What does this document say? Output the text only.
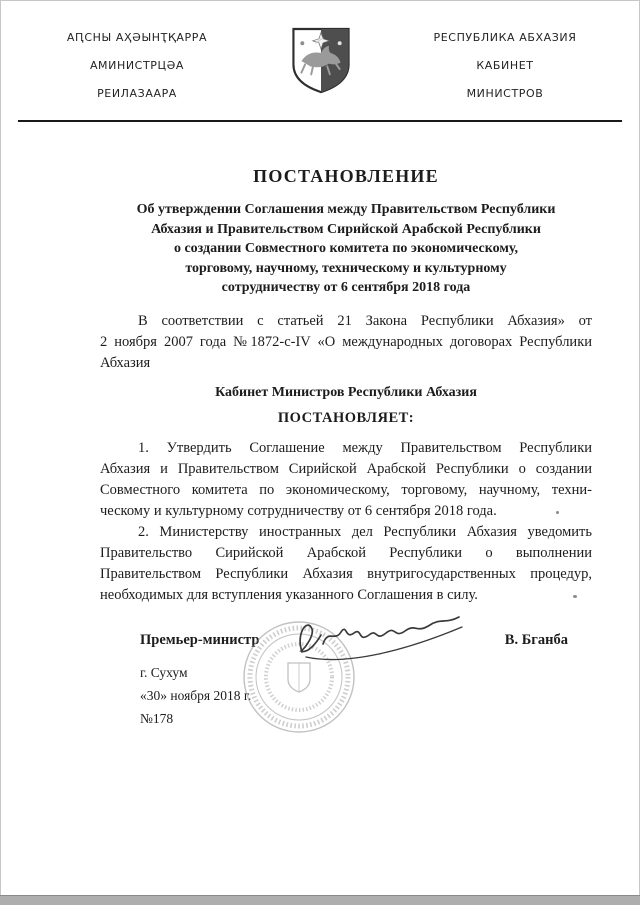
АԤСНЫ АҲӘЫНҬҚАРРА
АМИНИСТРЦӘА
РЕИЛАЗААРА
РЕСПУБЛИКА АБХАЗИЯ
КАБИНЕТ
МИНИСТРОВ
ПОСТАНОВЛЕНИЕ
Об утверждении Соглашения между Правительством Республики
Абхазия и Правительством Сирийской Арабской Республики
о создании Совместного комитета по экономическому,
торговому, научному, техническому и культурному
сотрудничеству от 6 сентября 2018 года
В соответствии с статьей 21 Закона Республики Абхазия» от
2 ноября 2007 года №1872-с-IV «О международных договорах Республики
Абхазия
Кабинет Министров Республики Абхазия
ПОСТАНОВЛЯЕТ:
1. Утвердить Соглашение между Правительством Республики
Абхазия и Правительством Сирийской Арабской Республики о создании
Совместного комитета по экономическому, торговому, научному, техни-
ческому и культурному сотрудничеству от 6 сентября 2018 года.
2. Министерству иностранных дел Республики Абхазия уведомить
Правительство Сирийской Арабской Республики о выполнении
Правительством Республики Абхазия внутригосударственных процедур,
необходимых для вступления указанного Соглашения в силу.
Премьер-министр	В. Бганба
г. Сухум
«30» ноября 2018 г.
№178
